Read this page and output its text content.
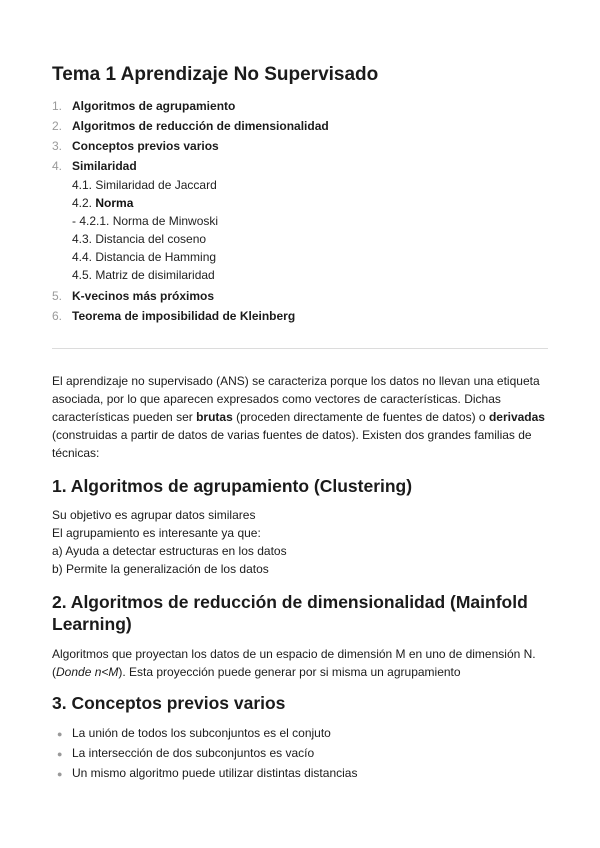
Tema 1 Aprendizaje No Supervisado
1. Algoritmos de agrupamiento
2. Algoritmos de reducción de dimensionalidad
3. Conceptos previos varios
4. Similaridad
4.1. Similaridad de Jaccard
4.2. Norma
- 4.2.1. Norma de Minwoski
4.3. Distancia del coseno
4.4. Distancia de Hamming
4.5. Matriz de disimilaridad
5. K-vecinos más próximos
6. Teorema de imposibilidad de Kleinberg

El aprendizaje no supervisado (ANS) se caracteriza porque los datos no llevan una etiqueta asociada, por lo que aparecen expresados como vectores de características. Dichas características pueden ser brutas (proceden directamente de fuentes de datos) o derivadas (construidas a partir de datos de varias fuentes de datos). Existen dos grandes familias de técnicas:

1. Algoritmos de agrupamiento (Clustering)
Su objetivo es agrupar datos similares
El agrupamiento es interesante ya que:
a) Ayuda a detectar estructuras en los datos
b) Permite la generalización de los datos
2. Algoritmos de reducción de dimensionalidad (Mainfold Learning)
Algoritmos que proyectan los datos de un espacio de dimensión M en uno de dimensión N. (Donde n<M). Esta proyección puede generar por si misma un agrupamiento
3. Conceptos previos varios
● La unión de todos los subconjuntos es el conjuto
● La intersección de dos subconjuntos es vacío
● Un mismo algoritmo puede utilizar distintas distancias
